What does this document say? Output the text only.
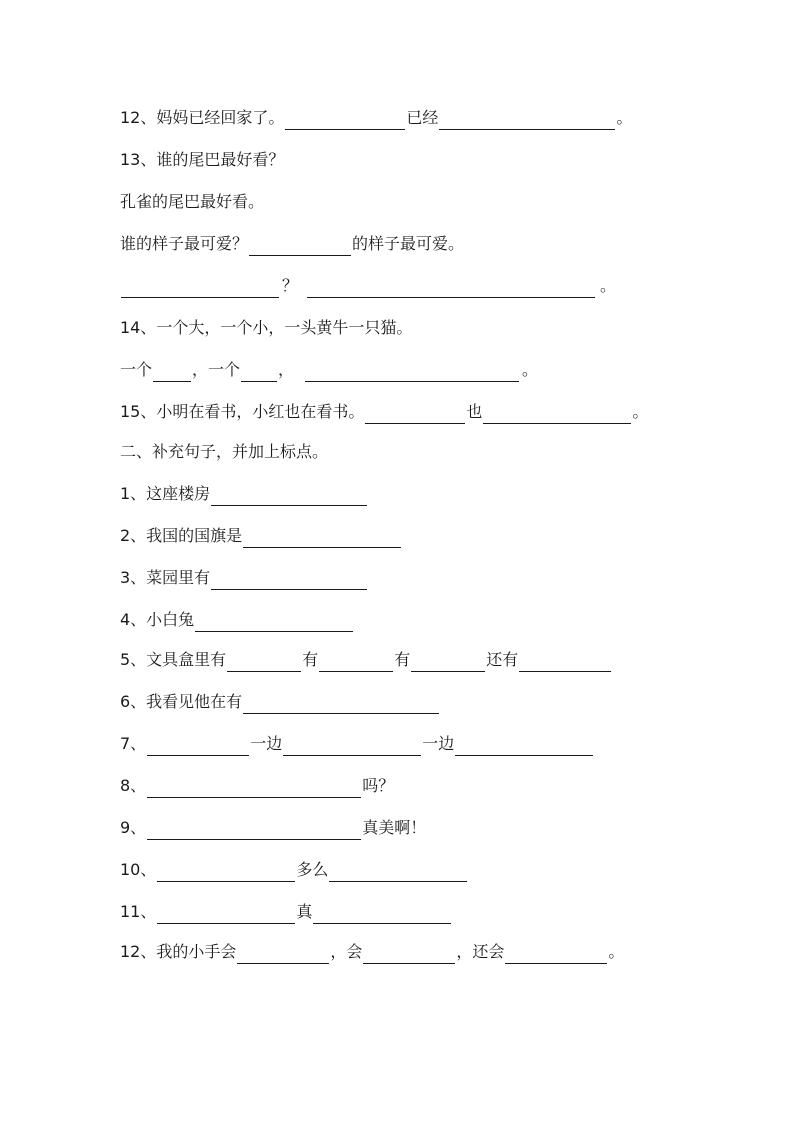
12、妈妈已经回家了。	已经	。
13、谁的尾巴最好看？
孔雀的尾巴最好看。
谁的样子最可爱？	的样子最可爱。
？	。
14、一个大，一个小，一头黄牛一只猫。
一个	，一个 ，	。
15、小明在看书，小红也在看书。	也	。
二、补充句子，并加上标点。
1、这座楼房
2、我国的国旗是
3、菜园里有
4、小白兔
5、文具盒里有	有	有	还有
6、我看见他在有
7、	一边	一边
8、	吗？
9、	真美啊！
10、	多么
11、	真
12、我的小手会	，会	，还会	。
